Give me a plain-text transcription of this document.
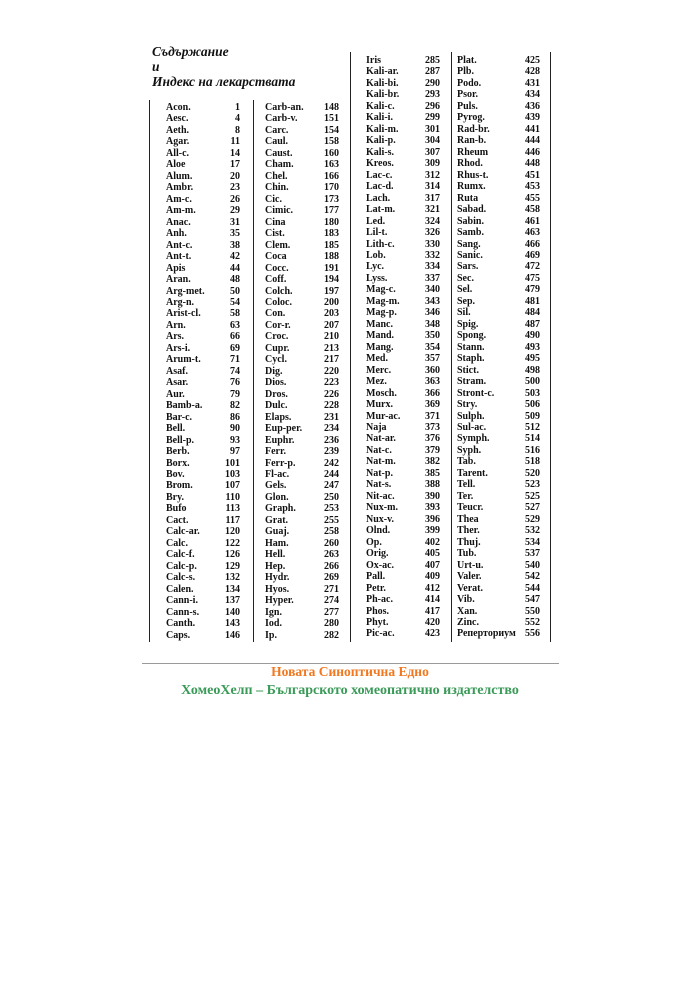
Съдържание
и
Индекс на лекарствата
Acon.	1
Aesc.	4
Aeth.	8
Agar.	11
All-c.	14
Aloe	17
Alum.	20
Ambr.	23
Am-c.	26
Am-m.	29
Anac.	31
Anh.	35
Ant-c.	38
Ant-t.	42
Apis	44
Aran.	48
Arg-met.	50
Arg-n.	54
Arist-cl.	58
Arn.	63
Ars.	66
Ars-i.	69
Arum-t.	71
Asaf.	74
Asar.	76
Aur.	79
Bamb-a.	82
Bar-c.	86
Bell.	90
Bell-p.	93
Berb.	97
Borx.	101
Bov.	103
Brom.	107
Bry.	110
Bufo	113
Cact.	117
Calc-ar.	120
Calc.	122
Calc-f.	126
Calc-p.	129
Calc-s.	132
Calen.	134
Cann-i.	137
Cann-s.	140
Canth.	143
Caps.	146
Carb-an. 148
Carb-v.	151
Carc.	154
Caul.	158
Caust.	160
Cham.	163
Chel.	166
Chin.	170
Cic.	173
Cimic.	177
Cina	180
Cist.	183
Clem.	185
Coca	188
Cocc.	191
Coff.	194
Colch.	197
Coloc.	200
Con.	203
Cor-r.	207
Croc.	210
Cupr.	213
Cycl.	217
Dig.	220
Dios.	223
Dros.	226
Dulc.	228
Elaps.	231
Eup-per. 234
Euphr.	236
Ferr.	239
Ferr-p.	242
Fl-ac.	244
Gels.	247
Glon.	250
Graph.	253
Grat.	255
Guaj.	258
Ham.	260
Hell.	263
Hep.	266
Hydr.	269
Hyos.	271
Hyper.	274
Ign.	277
Iod.	280
Ip.	282
Iris	285
Kali-ar.	287
Kali-bi.	290
Kali-br.	293
Kali-c.	296
Kali-i.	299
Kali-m.	301
Kali-p.	304
Kali-s.	307
Kreos.	309
Lac-c.	312
Lac-d.	314
Lach.	317
Lat-m.	321
Led.	324
Lil-t.	326
Lith-c.	330
Lob.	332
Lyc.	334
Lyss.	337
Mag-c.	340
Mag-m.	343
Mag-p.	346
Manc.	348
Mand.	350
Mang.	354
Med.	357
Merc.	360
Mez.	363
Mosch.	366
Murx.	369
Mur-ac. 371
Naja	373
Nat-ar.	376
Nat-c.	379
Nat-m.	382
Nat-p.	385
Nat-s.	388
Nit-ac.	390
Nux-m.	393
Nux-v.	396
Olnd.	399
Op.	402
Orig.	405
Ox-ac.	407
Pall.	409
Petr.	412
Ph-ac.	414
Phos.	417
Phyt.	420
Pic-ac.	423
Plat.	425
Plb.	428
Podo.	431
Psor.	434
Puls.	436
Pyrog.	439
Rad-br.	441
Ran-b.	444
Rheum	446
Rhod.	448
Rhus-t.	451
Rumx.	453
Ruta	455
Sabad.	458
Sabin.	461
Samb.	463
Sang.	466
Sanic.	469
Sars.	472
Sec.	475
Sel.	479
Sep.	481
Sil.	484
Spig.	487
Spong.	490
Stann.	493
Staph.	495
Stict.	498
Stram.	500
Stront-c.	503
Stry.	506
Sulph.	509
Sul-ac.	512
Symph.	514
Syph.	516
Tab.	518
Tarent.	520
Tell.	523
Ter.	525
Teucr.	527
Thea	529
Ther.	532
Thuj.	534
Tub.	537
Urt-u.	540
Valer.	542
Verat.	544
Vib.	547
Xan.	550
Zinc.	552
Реперториум 556
Новата Синоптична Едно
ХомеоХелп – Българското хомеопатично издателство
